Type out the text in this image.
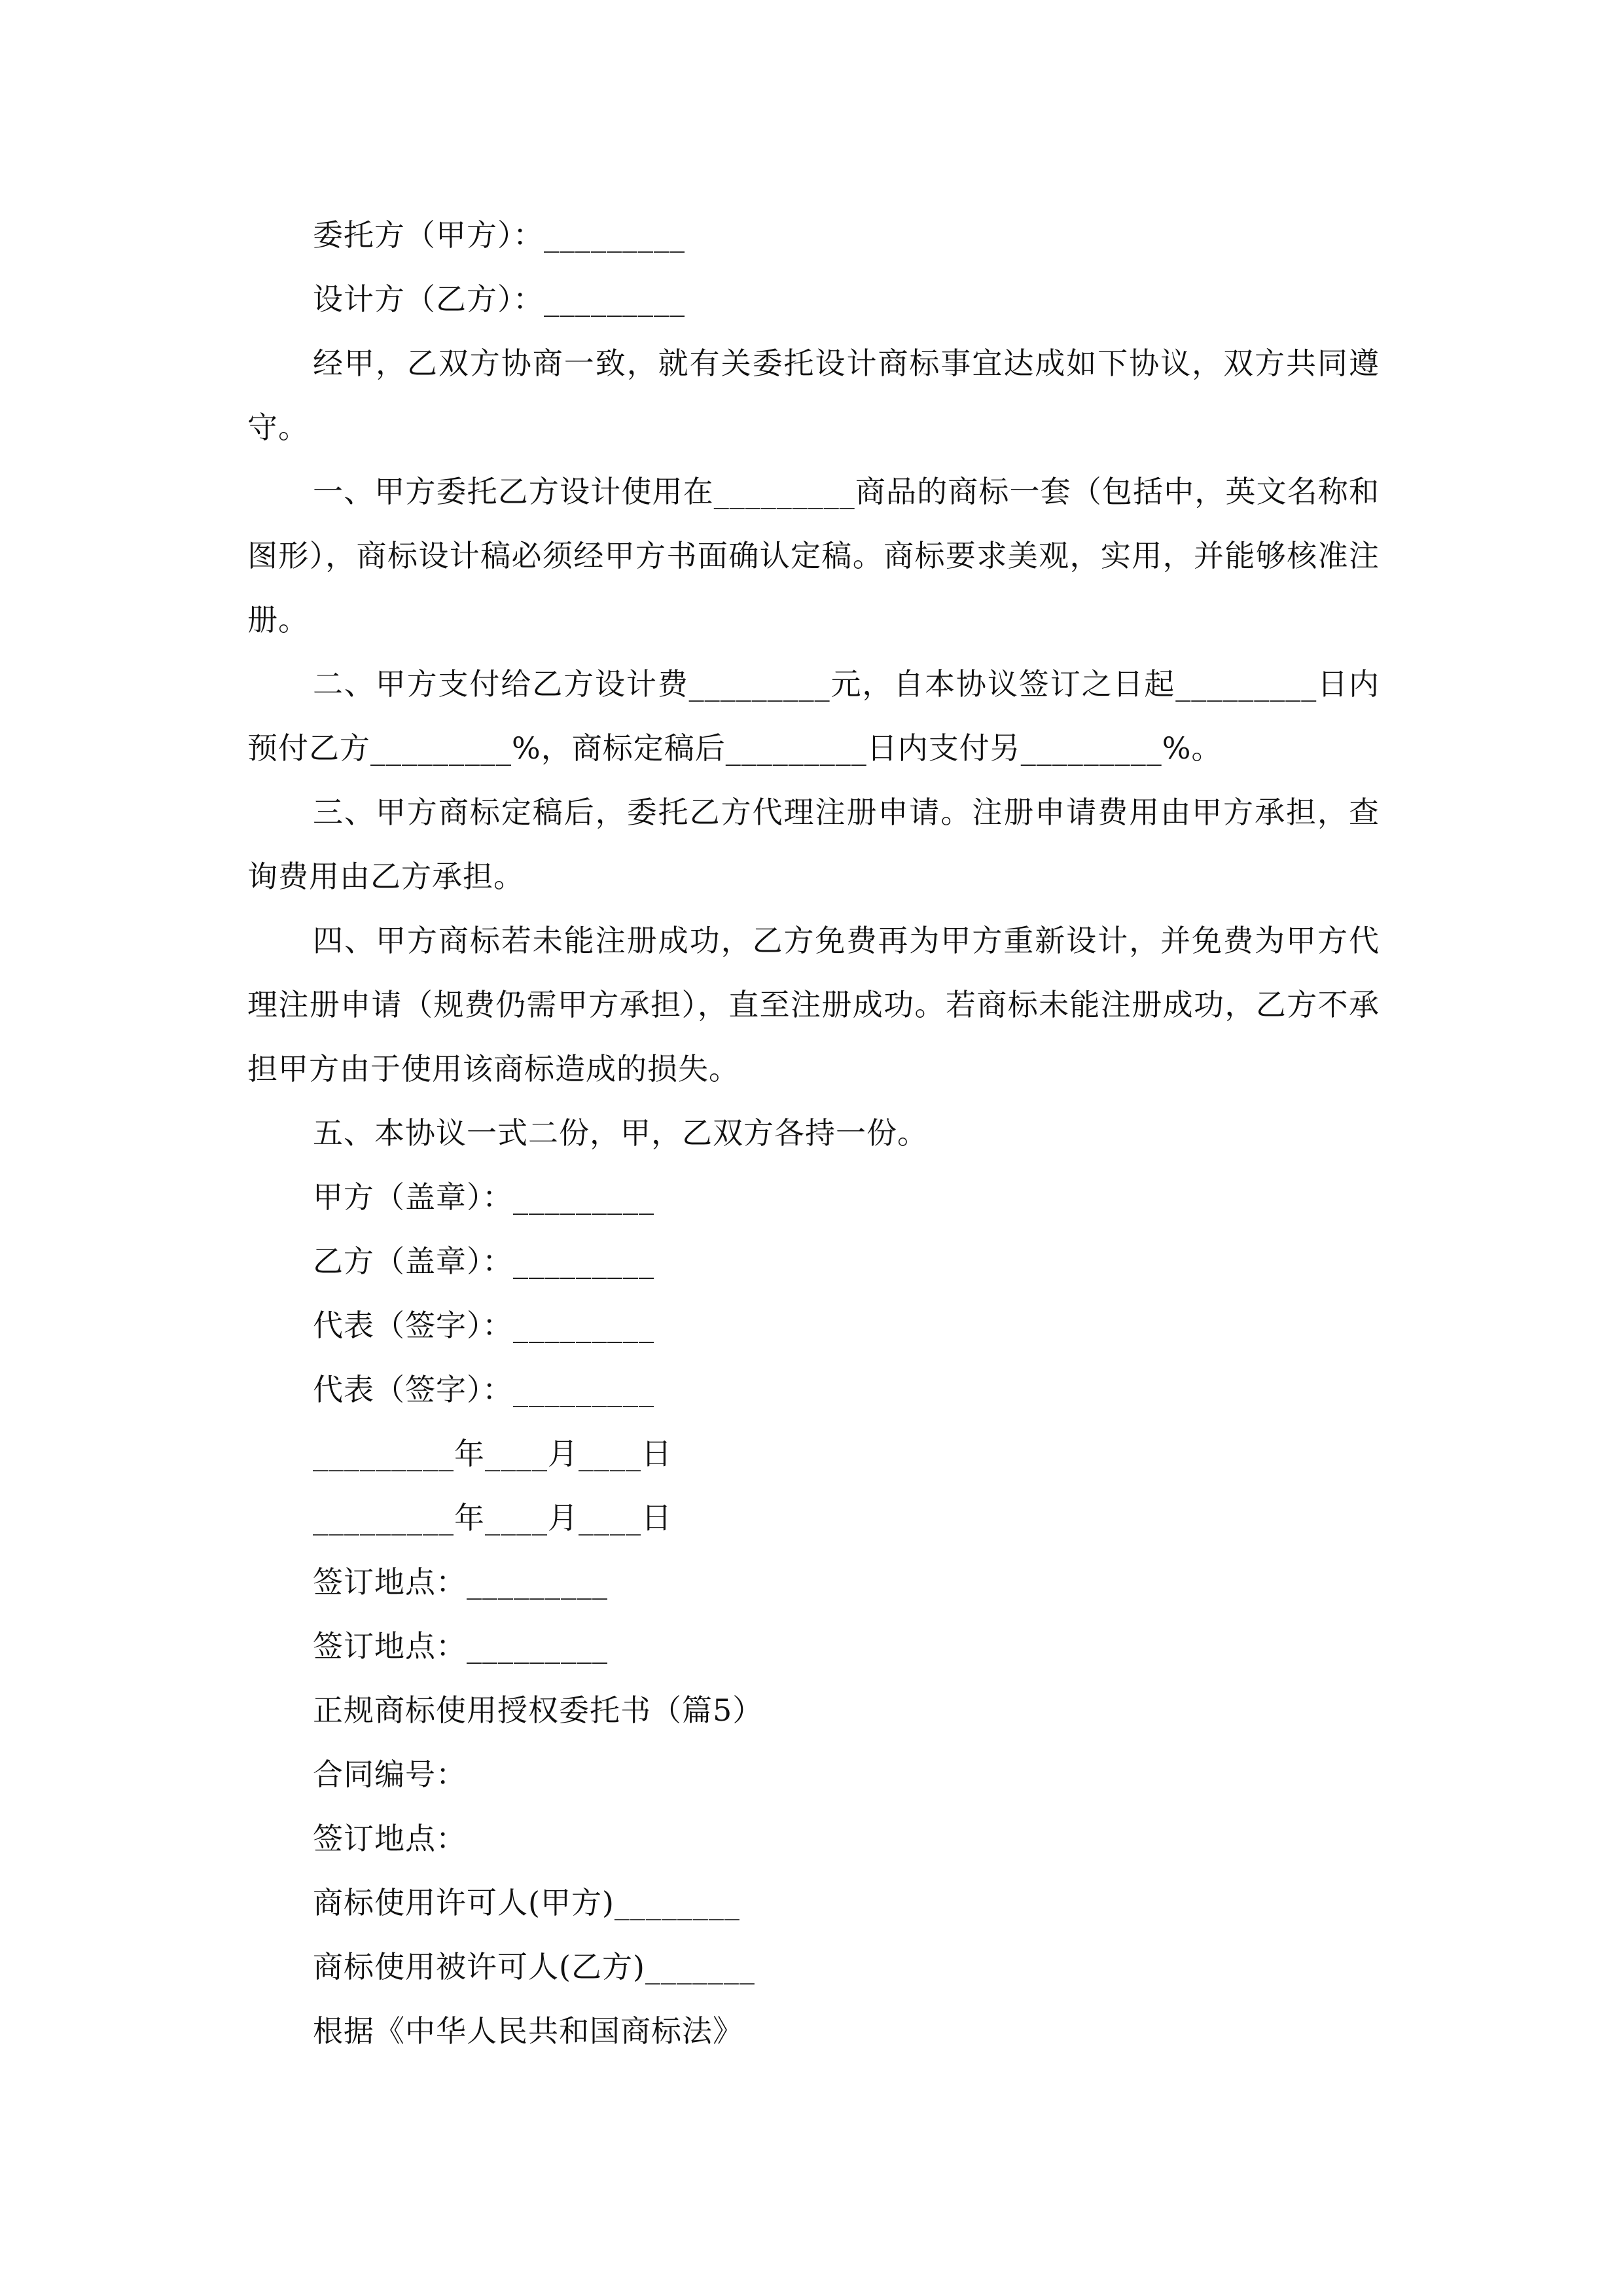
委托方（甲方）：_________

设计方（乙方）：_________

经甲，乙双方协商一致，就有关委托设计商标事宜达成如下协议，双方共同遵守。

一、甲方委托乙方设计使用在_________商品的商标一套（包括中，英文名称和图形），商标设计稿必须经甲方书面确认定稿。商标要求美观，实用，并能够核准注册。

二、甲方支付给乙方设计费_________元，自本协议签订之日起_________日内预付乙方_________%，商标定稿后_________日内支付另_________%。

三、甲方商标定稿后，委托乙方代理注册申请。注册申请费用由甲方承担，查询费用由乙方承担。

四、甲方商标若未能注册成功，乙方免费再为甲方重新设计，并免费为甲方代理注册申请（规费仍需甲方承担），直至注册成功。若商标未能注册成功，乙方不承担甲方由于使用该商标造成的损失。

五、本协议一式二份，甲，乙双方各持一份。

甲方（盖章）：_________

乙方（盖章）：_________

代表（签字）：_________

代表（签字）：_________

_________年____月____日

_________年____月____日

签订地点：_________

签订地点：_________

正规商标使用授权委托书（篇5）

合同编号：

签订地点：

商标使用许可人(甲方)________

商标使用被许可人(乙方)_______

根据《中华人民共和国商标法》
